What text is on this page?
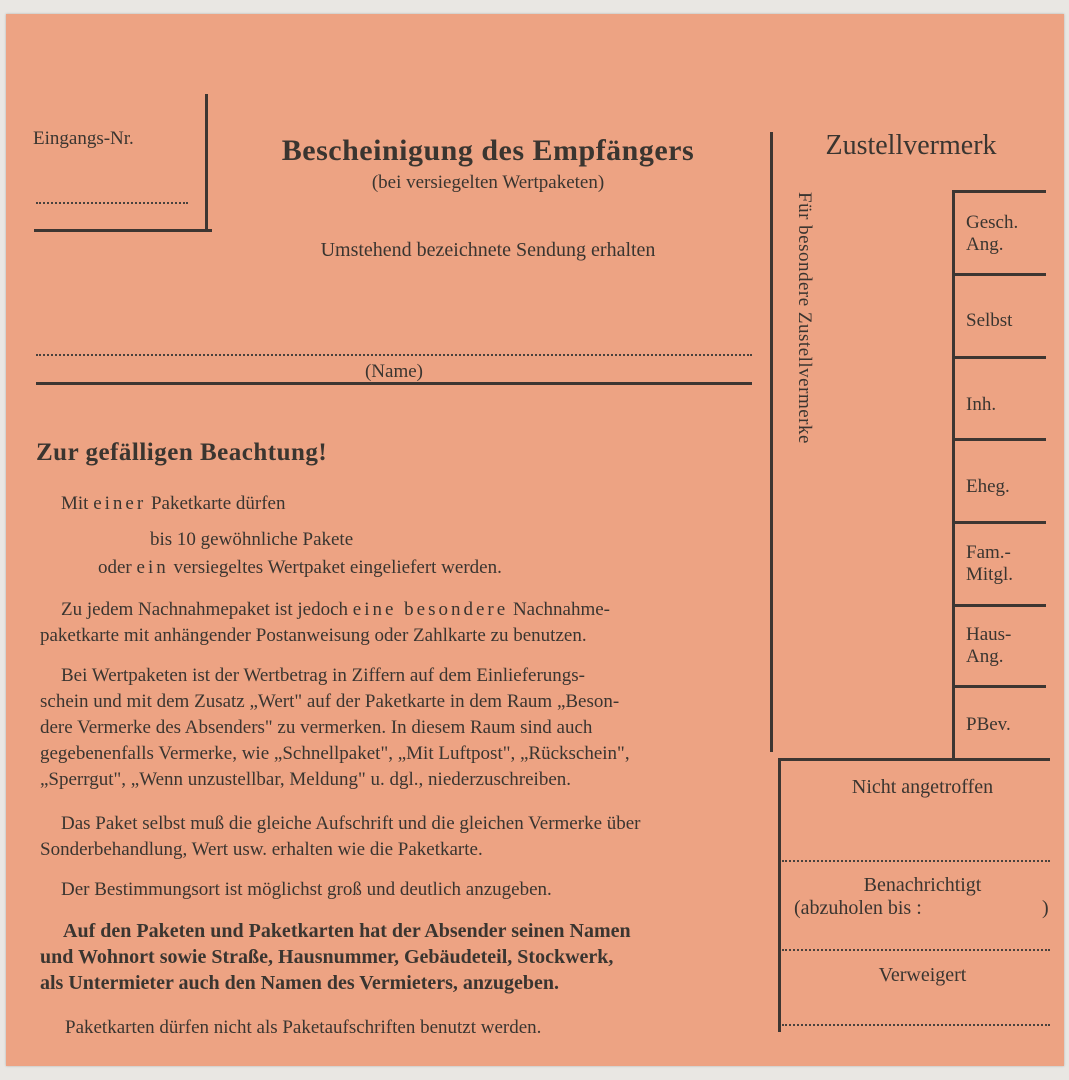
Eingangs-Nr.	Bescheinigung des Empfängers
(bei versiegelten Wertpaketen)
Umstehend bezeichnete Sendung erhalten
(Name)
Zur gefälligen Beachtung!
Mit einer Paketkarte dürfen
bis 10 gewöhnliche Pakete
oder ein versiegeltes Wertpaket eingeliefert werden.
Zu jedem Nachnahmepaket ist jedoch eine besondere Nachnahme-
paketkarte mit anhängender Postanweisung oder Zahlkarte zu benutzen.
Bei Wertpaketen ist der Wertbetrag in Ziffern auf dem Einlieferungs-
schein und mit dem Zusatz „Wert" auf der Paketkarte in dem Raum „Beson-
dere Vermerke des Absenders" zu vermerken. In diesem Raum sind auch
gegebenenfalls Vermerke, wie „Schnellpaket", „Mit Luftpost", „Rückschein",
„Sperrgut", „Wenn unzustellbar, Meldung" u. dgl., niederzuschreiben.
Das Paket selbst muß die gleiche Aufschrift und die gleichen Vermerke über
Sonderbehandlung, Wert usw. erhalten wie die Paketkarte.
Der Bestimmungsort ist möglichst groß und deutlich anzugeben.
Auf den Paketen und Paketkarten hat der Absender seinen Namen
und Wohnort sowie Straße, Hausnummer, Gebäudeteil, Stockwerk,
als Untermieter auch den Namen des Vermieters, anzugeben.
Paketkarten dürfen nicht als Paketaufschriften benutzt werden.
Zustellvermerk
Für besondere Zustellvermerke	Gesch.
Ang.
Selbst
Inh.
Eheg.
Fam.-
Mitgl.
Haus-
Ang.
PBev.
Nicht angetroffen
Benachrichtigt
(abzuholen bis :	)
Verweigert
